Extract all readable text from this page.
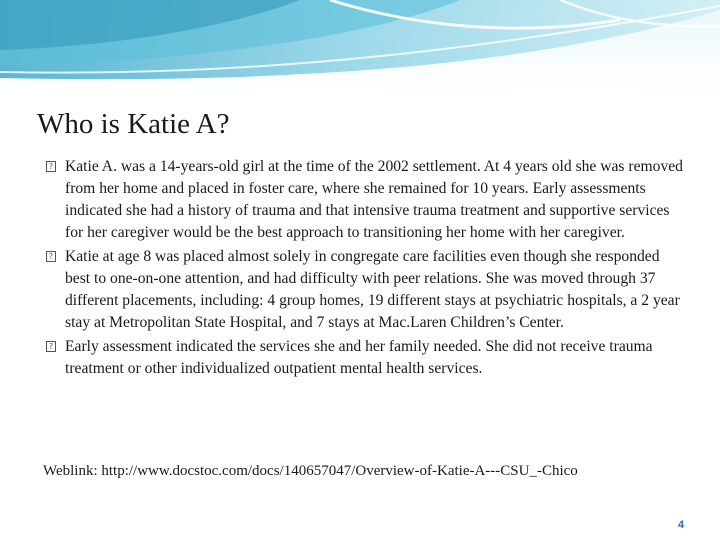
Who is Katie A?
? Katie A. was a 14-years-old girl at the time of the 2002 settlement. At 4 years old she was removed from her home and placed in foster care, where she remained for 10 years. Early assessments indicated she had a history of trauma and that intensive trauma treatment and supportive services for her caregiver would be the best approach to transitioning her home with her caregiver.
? Katie at age 8 was placed almost solely in congregate care facilities even though she responded best to one-on-one attention, and had difficulty with peer relations. She was moved through 37 different placements, including: 4 group homes, 19 different stays at psychiatric hospitals, a 2 year stay at Metropolitan State Hospital, and 7 stays at Mac.Laren Children’s Center.
? Early assessment indicated the services she and her family needed. She did not receive trauma treatment or other individualized outpatient mental health services.

Weblink: http://www.docstoc.com/docs/140657047/Overview-of-Katie-A---CSU_-Chico

4
